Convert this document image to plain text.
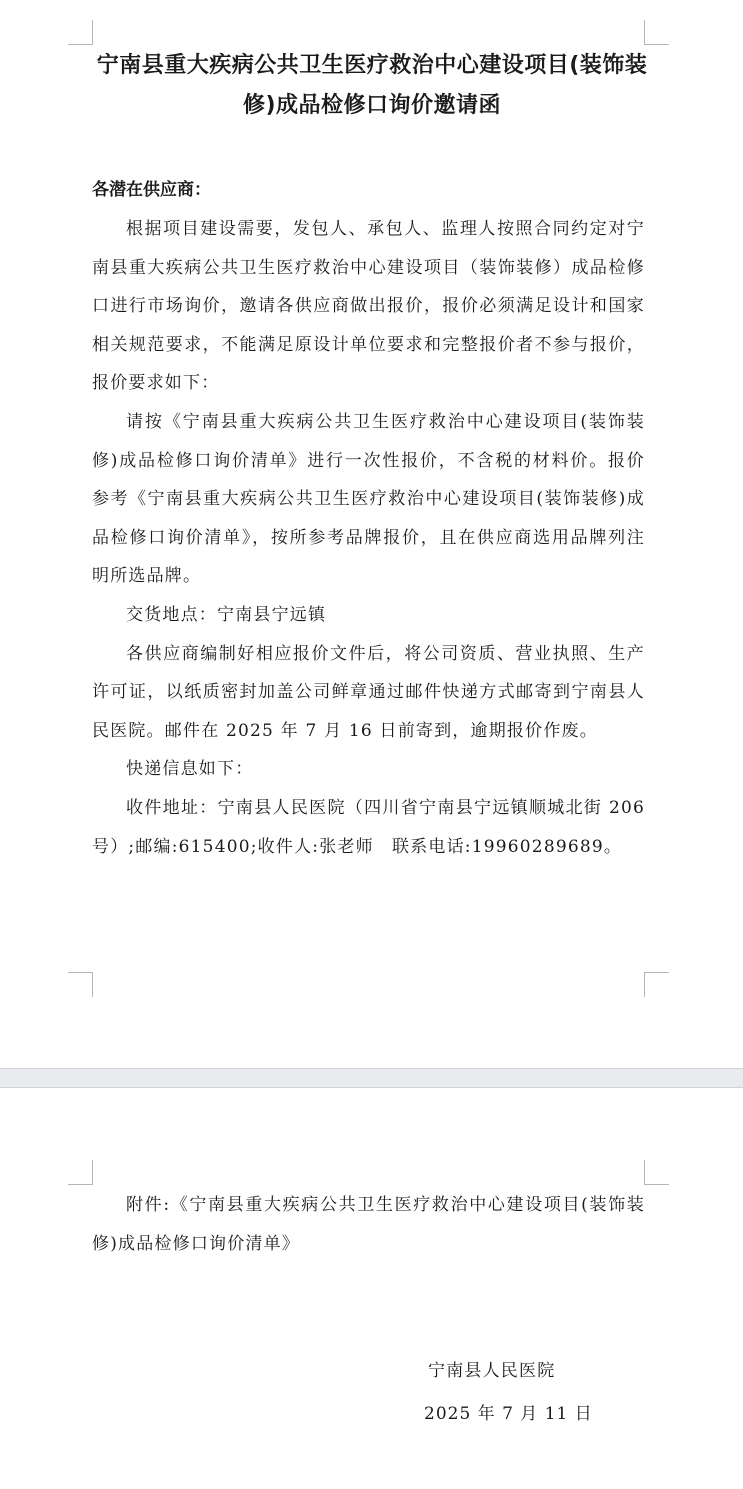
宁南县重大疾病公共卫生医疗救治中心建设项目(装饰装修)成品检修口询价邀请函

各潜在供应商：

根据项目建设需要，发包人、承包人、监理人按照合同约定对宁南县重大疾病公共卫生医疗救治中心建设项目（装饰装修）成品检修口进行市场询价，邀请各供应商做出报价，报价必须满足设计和国家相关规范要求，不能满足原设计单位要求和完整报价者不参与报价，报价要求如下：

请按《宁南县重大疾病公共卫生医疗救治中心建设项目(装饰装修)成品检修口询价清单》进行一次性报价，不含税的材料价。报价参考《宁南县重大疾病公共卫生医疗救治中心建设项目(装饰装修)成品检修口询价清单》，按所参考品牌报价，且在供应商选用品牌列注明所选品牌。

交货地点：宁南县宁远镇

各供应商编制好相应报价文件后，将公司资质、营业执照、生产许可证，以纸质密封加盖公司鲜章通过邮件快递方式邮寄到宁南县人民医院。邮件在 2025 年 7 月 16 日前寄到，逾期报价作废。

快递信息如下：

收件地址：宁南县人民医院（四川省宁南县宁远镇顺城北街 206 号）;邮编:615400;收件人:张老师　联系电话:19960289689。

附件:《宁南县重大疾病公共卫生医疗救治中心建设项目(装饰装修)成品检修口询价清单》

宁南县人民医院

2025 年 7 月 11 日
